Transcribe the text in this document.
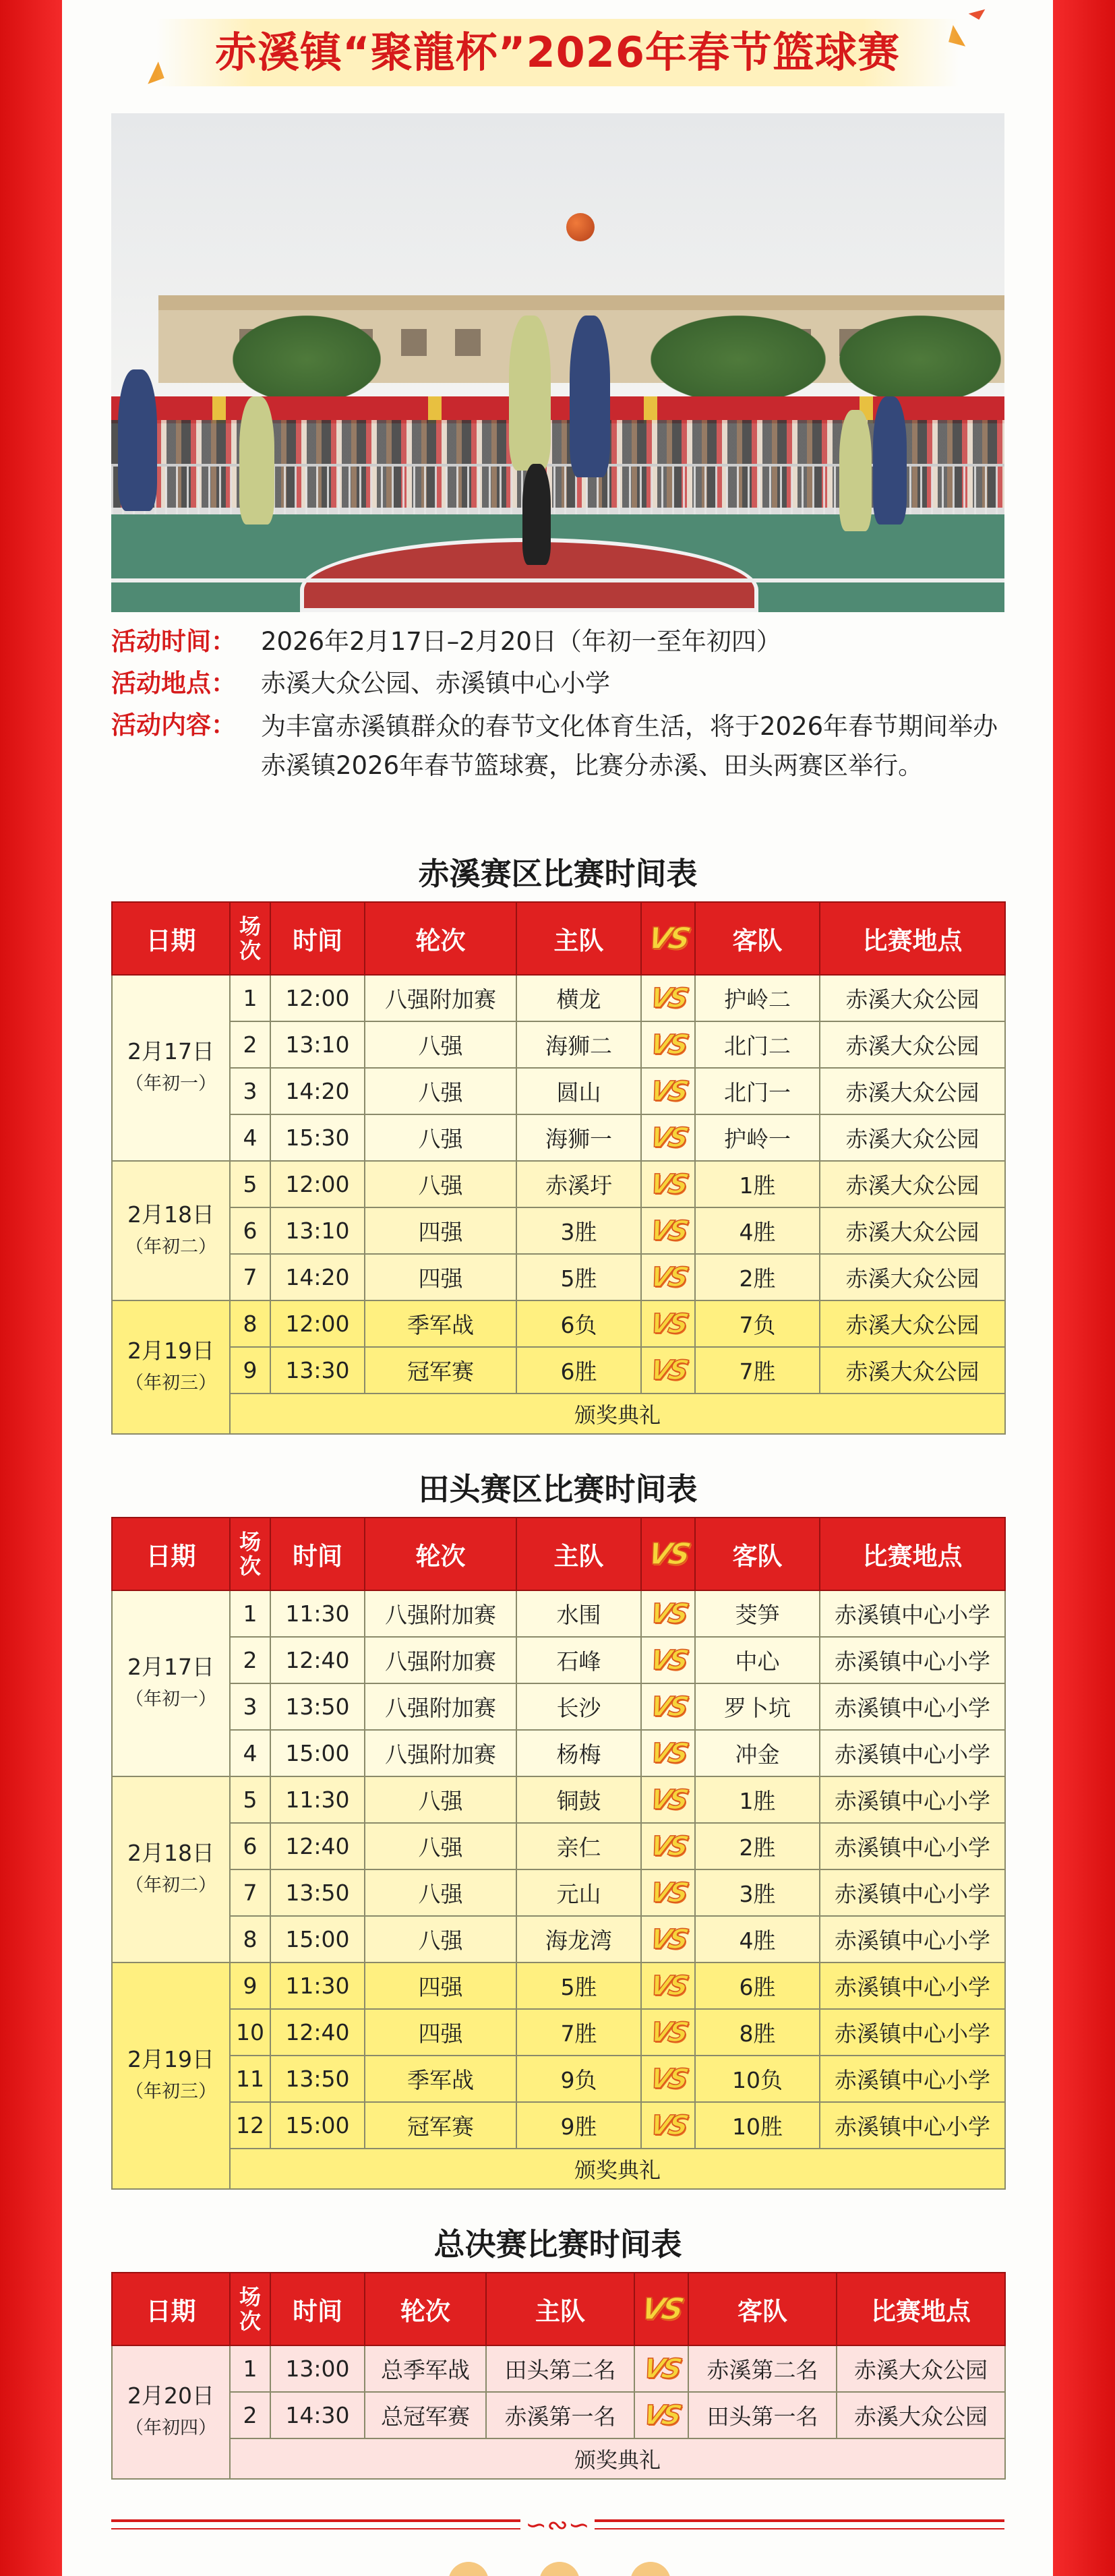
赤溪镇“聚龍杯”2026年春节篮球赛
活动时间： 2026年2月17日–2月20日（年初一至年初四）
活动地点： 赤溪大众公园、赤溪镇中心小学
活动内容： 为丰富赤溪镇群众的春节文化体育生活，将于2026年春节期间举办赤溪镇2026年春节篮球赛，比赛分赤溪、田头两赛区举行。
赤溪赛区比赛时间表
日期	场次	时间	轮次	主队	VS	客队	比赛地点

2月17日
（年初一）	1	12:00	八强附加赛	横龙	VS	护岭二	赤溪大众公园
	2	13:10	八强	海狮二	VS	北门二	赤溪大众公园
	3	14:20	八强	圆山	VS	北门一	赤溪大众公园
	4	15:30	八强	海狮一	VS	护岭一	赤溪大众公园

2月18日
（年初二）	5	12:00	八强	赤溪圩	VS	1胜	赤溪大众公园
	6	13:10	四强	3胜	VS	4胜	赤溪大众公园
	7	14:20	四强	5胜	VS	2胜	赤溪大众公园

2月19日
（年初三）	8	12:00	季军战	6负	VS	7负	赤溪大众公园
	9	13:30	冠军赛	6胜	VS	7胜	赤溪大众公园
	颁奖典礼						
田头赛区比赛时间表
日期	场次	时间	轮次	主队	VS	客队	比赛地点

2月17日
（年初一）	1	11:30	八强附加赛	水围	VS	茭笋	赤溪镇中心小学
	2	12:40	八强附加赛	石峰	VS	中心	赤溪镇中心小学
	3	13:50	八强附加赛	长沙	VS	罗卜坑	赤溪镇中心小学
	4	15:00	八强附加赛	杨梅	VS	冲金	赤溪镇中心小学

2月18日
（年初二）	5	11:30	八强	铜鼓	VS	1胜	赤溪镇中心小学
	6	12:40	八强	亲仁	VS	2胜	赤溪镇中心小学
	7	13:50	八强	元山	VS	3胜	赤溪镇中心小学
	8	15:00	八强	海龙湾	VS	4胜	赤溪镇中心小学

2月19日
（年初三）	9	11:30	四强	5胜	VS	6胜	赤溪镇中心小学
	10	12:40	四强	7胜	VS	8胜	赤溪镇中心小学
	11	13:50	季军战	9负	VS	10负	赤溪镇中心小学
	12	15:00	冠军赛	9胜	VS	10胜	赤溪镇中心小学
	颁奖典礼						
总决赛比赛时间表
日期	场次	时间	轮次	主队	VS	客队	比赛地点

2月20日
（年初四）	1	13:00	总季军战	田头第二名	VS	赤溪第二名	赤溪大众公园
	2	14:30	总冠军赛	赤溪第一名	VS	田头第一名	赤溪大众公园
	颁奖典礼						
∽∾∽
